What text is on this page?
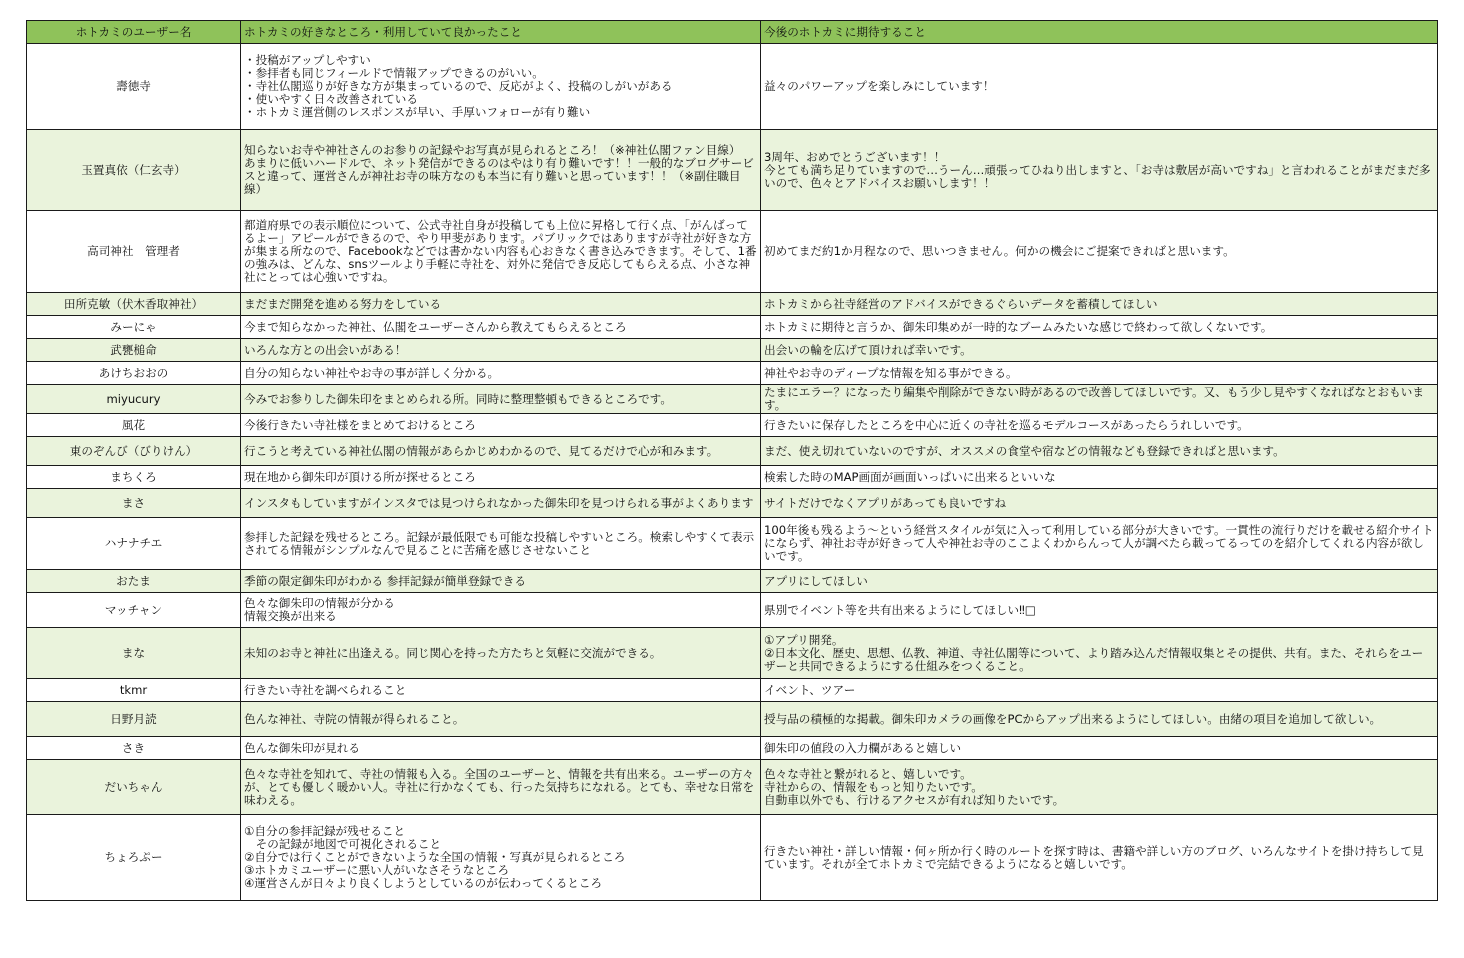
ホトカミのユーザー名	ホトカミの好きなところ・利用していて良かったこと	今後のホトカミに期待すること
壽徳寺	・投稿がアップしやすい
・参拝者も同じフィールドで情報アップできるのがいい。
・寺社仏閣巡りが好きな方が集まっているので、反応がよく、投稿のしがいがある
・使いやすく日々改善されている
・ホトカミ運営側のレスポンスが早い、手厚いフォローが有り難い	益々のパワーアップを楽しみにしています！
玉置真依（仁玄寺）	知らないお寺や神社さんのお参りの記録やお写真が見られるところ！（※神社仏閣ファン目線）
あまりに低いハードルで、ネット発信ができるのはやはり有り難いです！！一般的なブログサービスと違って、運営さんが神社お寺の味方なのも本当に有り難いと思っています！！（※副住職目線）	3周年、おめでとうございます！！
今とても満ち足りていますので…うーん…頑張ってひねり出しますと、「お寺は敷居が高いですね」と言われることがまだまだ多いので、色々とアドバイスお願いします！！
高司神社　管理者	都道府県での表示順位について、公式寺社自身が投稿しても上位に昇格して行く点、「がんばってるよー」アピールができるので、やり甲斐があります。パブリックではありますが寺社が好きな方が集まる所なので、Facebookなどでは書かない内容も心おきなく書き込みできます。そして、1番の強みは、どんな、snsツールより手軽に寺社を、対外に発信でき反応してもらえる点、小さな神社にとっては心強いですね。	初めてまだ約1か月程なので、思いつきません。何かの機会にご提案できればと思います。
田所克敏（伏木香取神社）	まだまだ開発を進める努力をしている	ホトカミから社寺経営のアドバイスができるぐらいデータを蓄積してほしい
みーにゃ	今まで知らなかった神社、仏閣をユーザーさんから教えてもらえるところ	ホトカミに期待と言うか、御朱印集めが一時的なブームみたいな感じで終わって欲しくないです。
武甕槌命	いろんな方との出会いがある！	出会いの輪を広げて頂ければ幸いです。
あけちおおの	自分の知らない神社やお寺の事が詳しく分かる。	神社やお寺のディープな情報を知る事ができる。
miyucury	今みでお参りした御朱印をまとめられる所。同時に整理整頓もできるところです。	たまにエラー？になったり編集や削除ができない時があるので改善してほしいです。又、もう少し見やすくなればなとおもいます。
風花	今後行きたい寺社様をまとめておけるところ	行きたいに保存したところを中心に近くの寺社を巡るモデルコースがあったらうれしいです。
東のぞんび（びりけん）	行こうと考えている神社仏閣の情報があらかじめわかるので、見てるだけで心が和みます。	まだ、使え切れていないのですが、オススメの食堂や宿などの情報なども登録できればと思います。
まちくろ	現在地から御朱印が頂ける所が探せるところ	検索した時のMAP画面が画面いっぱいに出来るといいな
まさ	インスタもしていますがインスタでは見つけられなかった御朱印を見つけられる事がよくあります	サイトだけでなくアプリがあっても良いですね
ハナナチエ	参拝した記録を残せるところ。記録が最低限でも可能な投稿しやすいところ。検索しやすくて表示されてる情報がシンプルなんで見ることに苦痛を感じさせないこと	100年後も残るよう～という経営スタイルが気に入って利用している部分が大きいです。一貫性の流行りだけを載せる紹介サイトにならず、神社お寺が好きって人や神社お寺のここよくわからんって人が調べたら載ってるってのを紹介してくれる内容が欲しいです。
おたま	季節の限定御朱印がわかる 参拝記録が簡単登録できる	アプリにしてほしい
マッチャン	色々な御朱印の情報が分かる
情報交換が出来る	県別でイベント等を共有出来るようにしてほしい‼︎□
まな	未知のお寺と神社に出逢える。同じ関心を持った方たちと気軽に交流ができる。	①アプリ開発。
②日本文化、歴史、思想、仏教、神道、寺社仏閣等について、より踏み込んだ情報収集とその提供、共有。また、それらをユーザーと共同できるようにする仕組みをつくること。
tkmr	行きたい寺社を調べられること	イベント、ツアー
日野月読	色んな神社、寺院の情報が得られること。	授与品の積極的な掲載。御朱印カメラの画像をPCからアップ出来るようにしてほしい。由緒の項目を追加して欲しい。
さき	色んな御朱印が見れる	御朱印の値段の入力欄があると嬉しい
だいちゃん	色々な寺社を知れて、寺社の情報も入る。全国のユーザーと、情報を共有出来る。ユーザーの方々が、とても優しく暖かい人。寺社に行かなくても、行った気持ちになれる。とても、幸せな日常を味わえる。	色々な寺社と繋がれると、嬉しいです。
寺社からの、情報をもっと知りたいです。
自動車以外でも、行けるアクセスが有れば知りたいです。
ちょろぷー	①自分の参拝記録が残せること
　その記録が地図で可視化されること
②自分では行くことができないような全国の情報・写真が見られるところ
③ホトカミユーザーに悪い人がいなさそうなところ
④運営さんが日々より良くしようとしているのが伝わってくるところ	行きたい神社・詳しい情報・何ヶ所か行く時のルートを探す時は、書籍や詳しい方のブログ、いろんなサイトを掛け持ちして見ています。それが全てホトカミで完結できるようになると嬉しいです。
